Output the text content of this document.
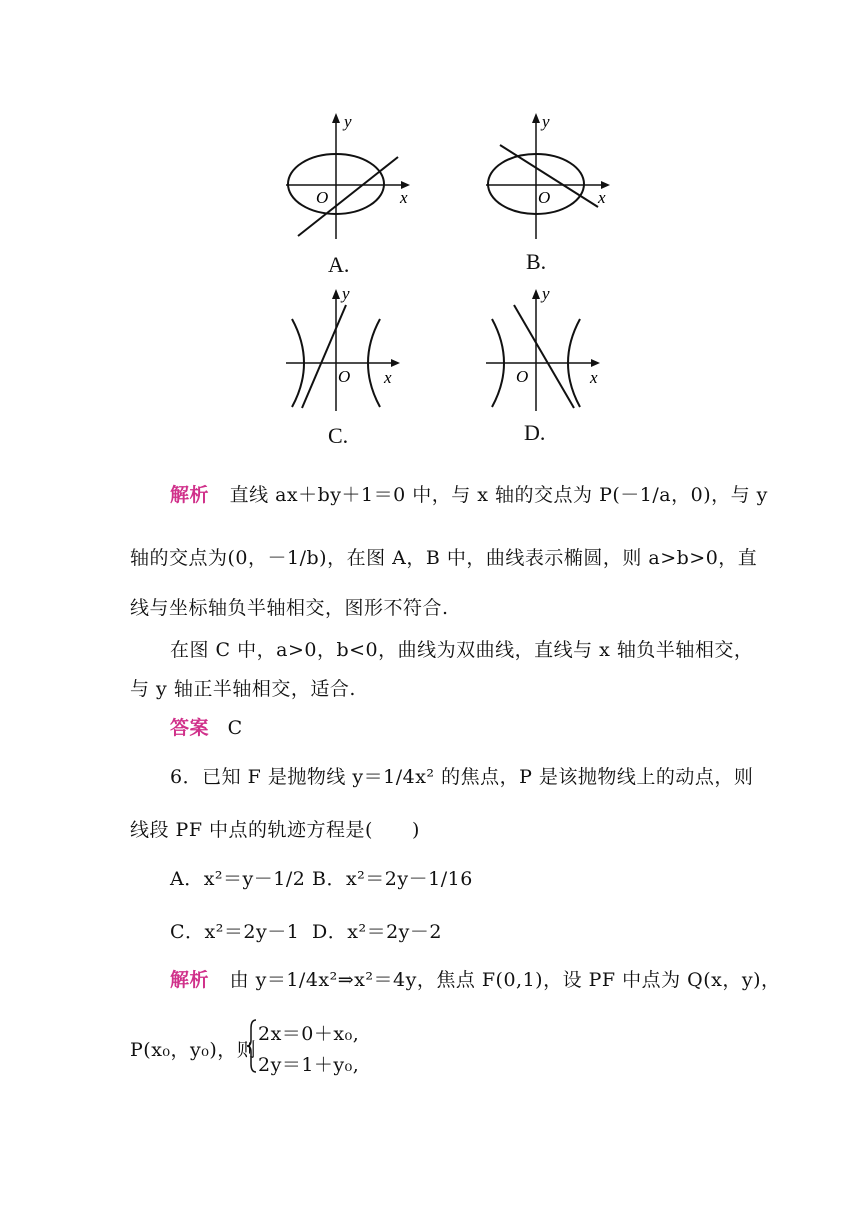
y
x
O
A.
y
x
O
B.
y
x
O
C.
y
x
O
D.
解析 直线 ax＋by＋1＝0 中，与 x 轴的交点为 P(－1/a，0)，与 y
轴的交点为(0，－1/b)，在图 A，B 中，曲线表示椭圆，则 a>b>0，直
线与坐标轴负半轴相交，图形不符合.
在图 C 中，a>0，b<0，曲线为双曲线，直线与 x 轴负半轴相交，
与 y 轴正半轴相交，适合.
答案 C
6．已知 F 是抛物线 y＝1/4x² 的焦点，P 是该抛物线上的动点，则
线段 PF 中点的轨迹方程是(　　)
A．x²＝y－1/2 B．x²＝2y－1/16
C．x²＝2y－1 D．x²＝2y－2
解析 由 y＝1/4x²⇒x²＝4y，焦点 F(0,1)，设 PF 中点为 Q(x，y)，
P(x₀，y₀)，则
2x＝0＋x₀,
2y＝1＋y₀,
